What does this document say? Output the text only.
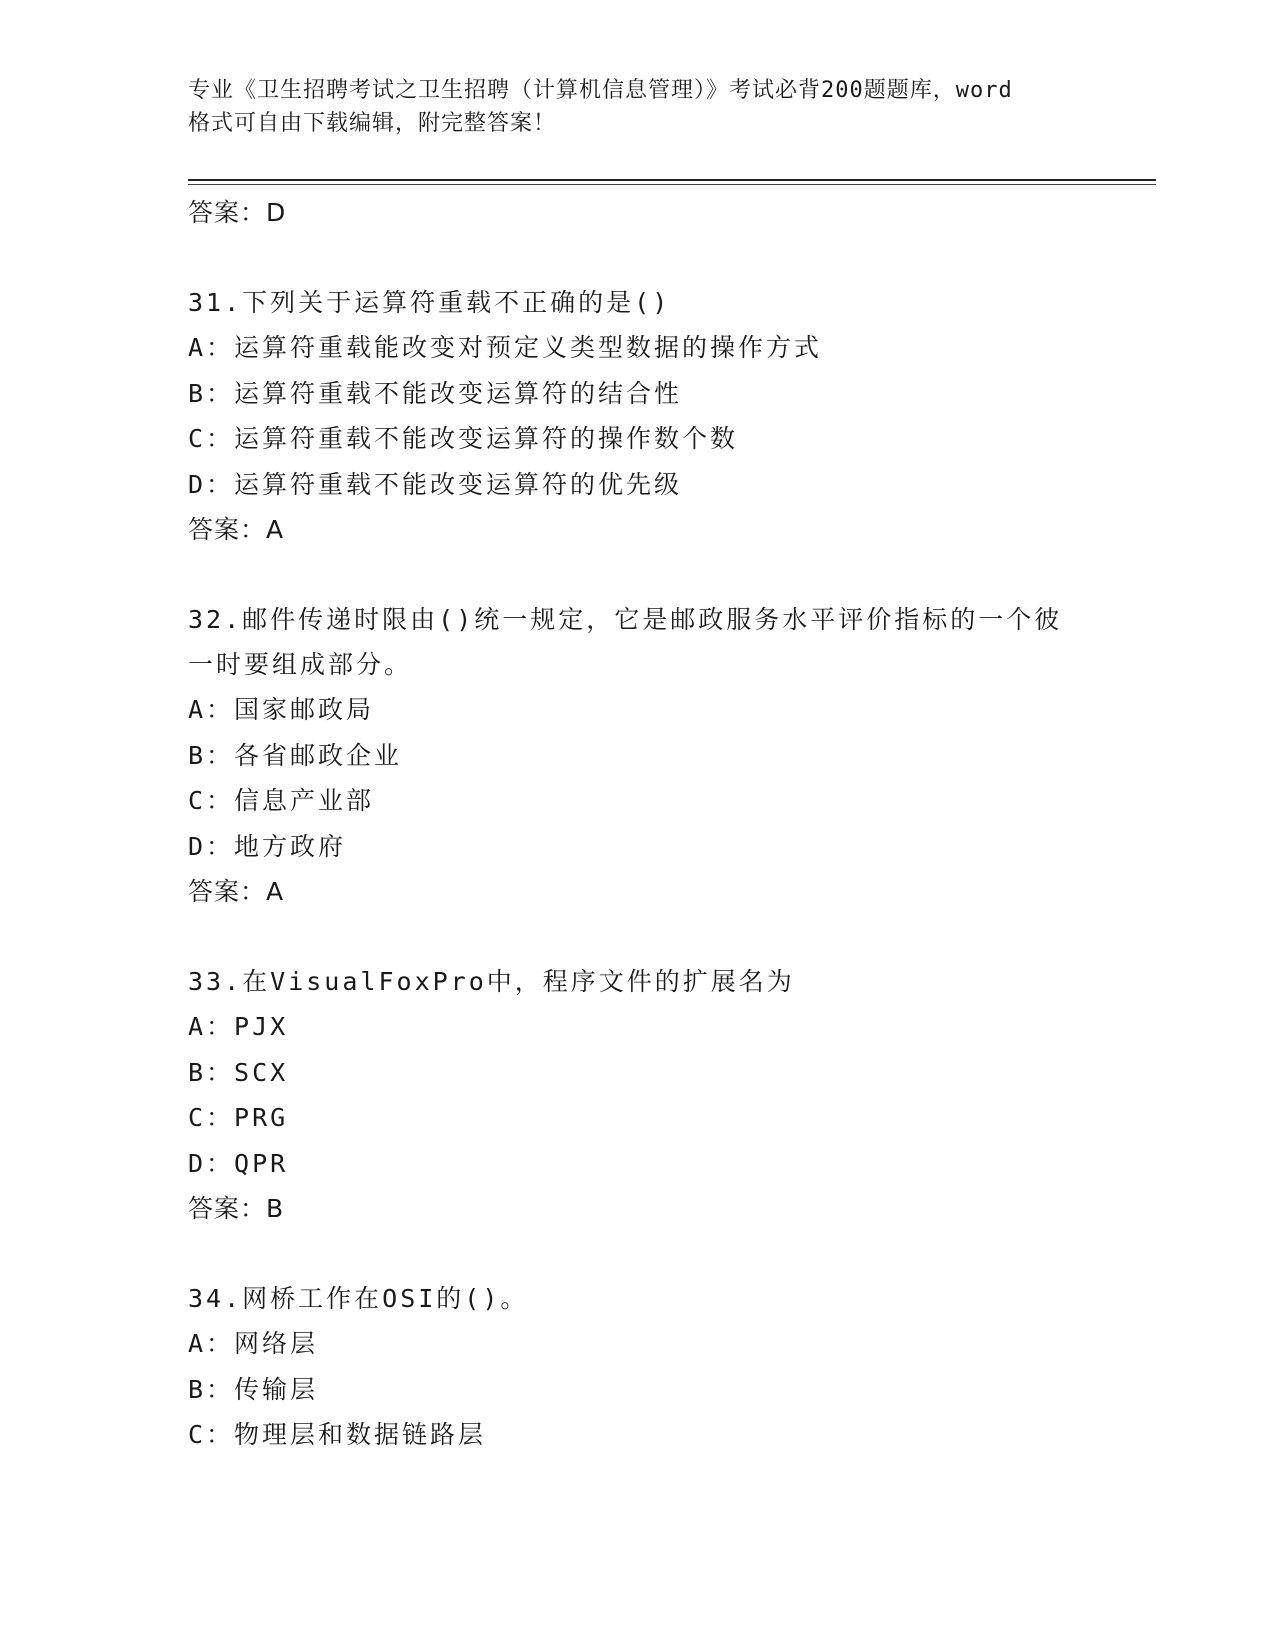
专业《卫生招聘考试之卫生招聘（计算机信息管理）》考试必背200题题库，word
格式可自由下载编辑，附完整答案！
答案：D
31.下列关于运算符重载不正确的是()
A：运算符重载能改变对预定义类型数据的操作方式
B：运算符重载不能改变运算符的结合性
C：运算符重载不能改变运算符的操作数个数
D：运算符重载不能改变运算符的优先级
答案：A
32.邮件传递时限由()统一规定，它是邮政服务水平评价指标的一个彼
一时要组成部分。
A：国家邮政局
B：各省邮政企业
C：信息产业部
D：地方政府
答案：A
33.在VisualFoxPro中，程序文件的扩展名为
A：PJX
B：SCX
C：PRG
D：QPR
答案：B
34.网桥工作在OSI的()。
A：网络层
B：传输层
C：物理层和数据链路层
